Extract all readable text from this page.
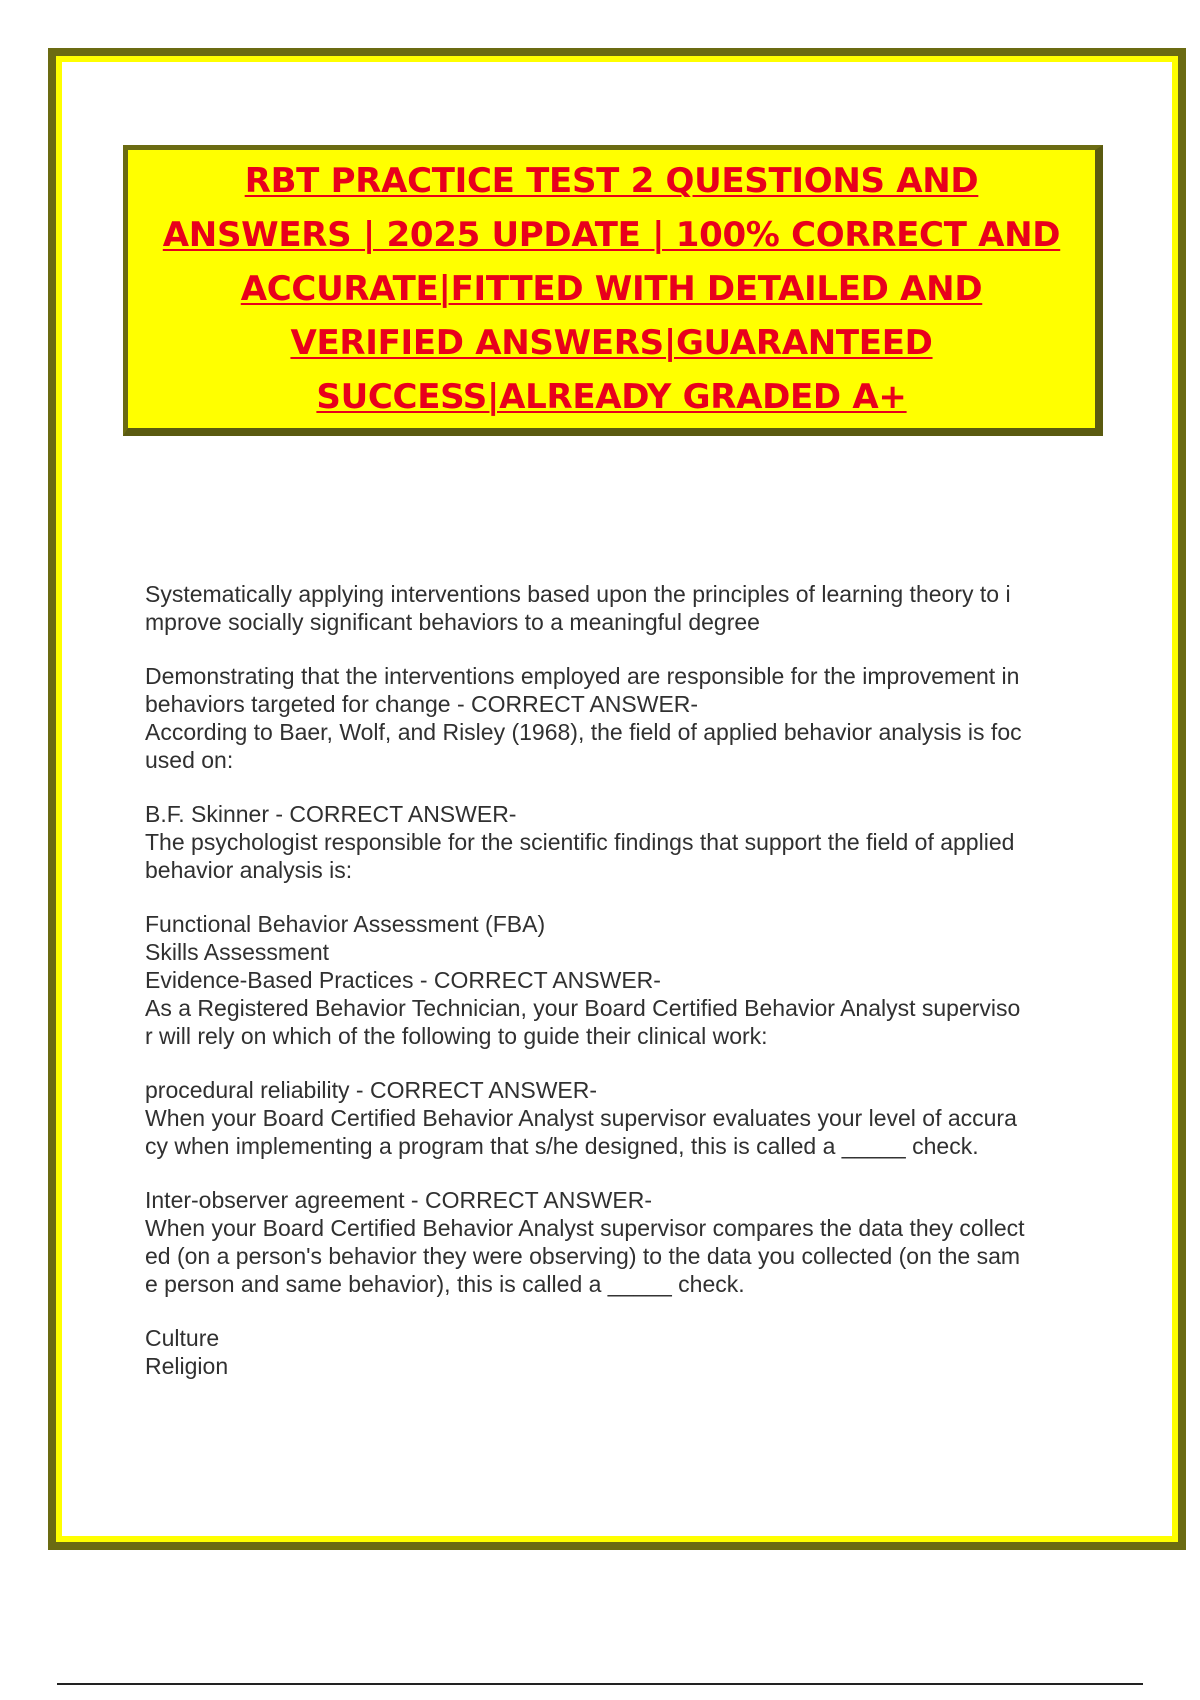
RBT PRACTICE TEST 2 QUESTIONS AND
ANSWERS | 2025 UPDATE | 100% CORRECT AND
ACCURATE|FITTED WITH DETAILED AND
VERIFIED ANSWERS|GUARANTEED
SUCCESS|ALREADY GRADED A+

Systematically applying interventions based upon the principles of learning theory to i
mprove socially significant behaviors to a meaningful degree

Demonstrating that the interventions employed are responsible for the improvement in
behaviors targeted for change - CORRECT ANSWER-
According to Baer, Wolf, and Risley (1968), the field of applied behavior analysis is foc
used on:

B.F. Skinner - CORRECT ANSWER-
The psychologist responsible for the scientific findings that support the field of applied
behavior analysis is:

Functional Behavior Assessment (FBA)
Skills Assessment
Evidence-Based Practices - CORRECT ANSWER-
As a Registered Behavior Technician, your Board Certified Behavior Analyst superviso
r will rely on which of the following to guide their clinical work:

procedural reliability - CORRECT ANSWER-
When your Board Certified Behavior Analyst supervisor evaluates your level of accura
cy when implementing a program that s/he designed, this is called a _____ check.

Inter-observer agreement - CORRECT ANSWER-
When your Board Certified Behavior Analyst supervisor compares the data they collect
ed (on a person's behavior they were observing) to the data you collected (on the sam
e person and same behavior), this is called a _____ check.

Culture
Religion
